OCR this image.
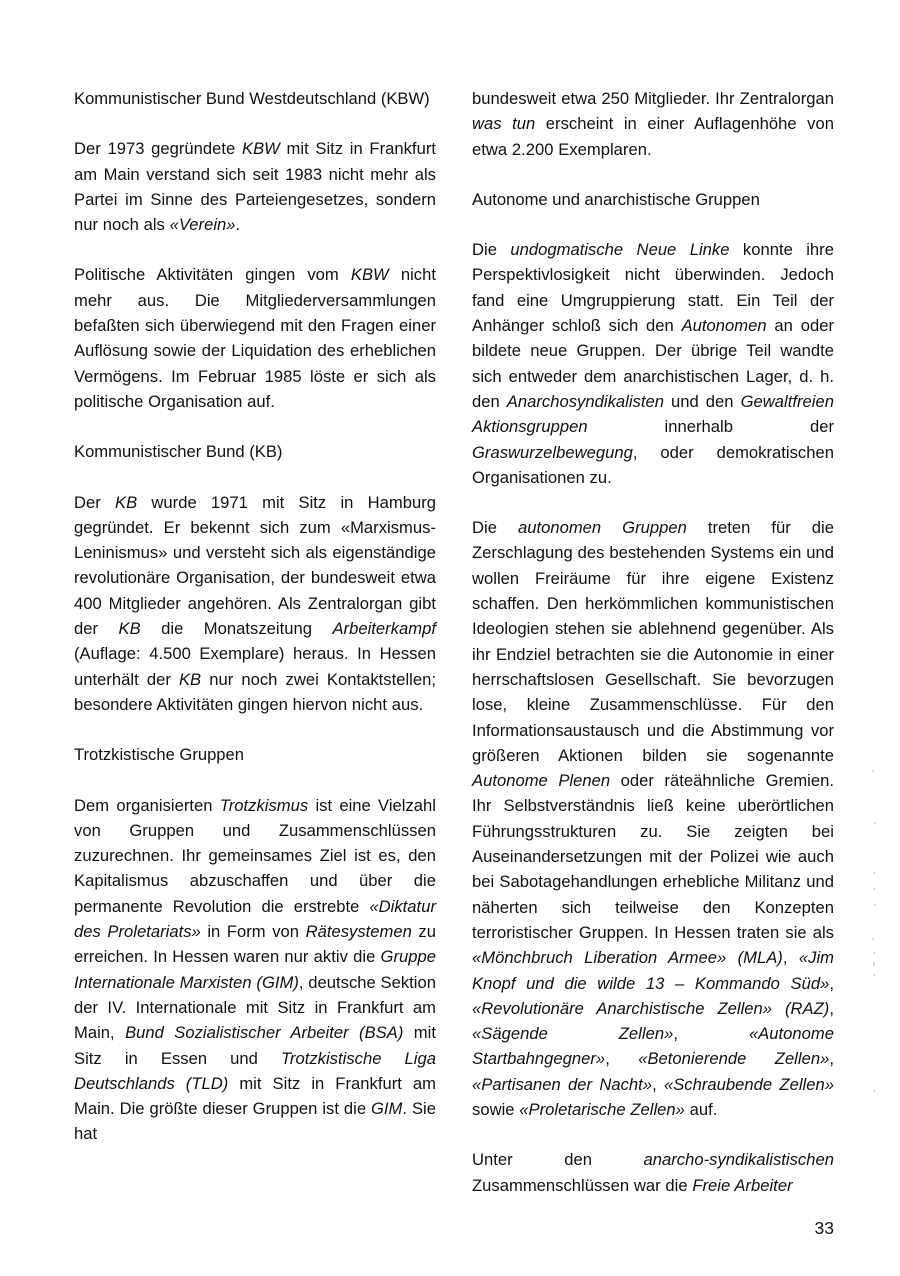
Kommunistischer Bund Westdeutschland (KBW)

Der 1973 gegründete KBW mit Sitz in Frankfurt am Main verstand sich seit 1983 nicht mehr als Partei im Sinne des Parteiengesetzes, sondern nur noch als «Verein».

Politische Aktivitäten gingen vom KBW nicht mehr aus. Die Mitgliederversammlungen befaßten sich überwiegend mit den Fragen einer Auflösung sowie der Liquidation des erheblichen Vermögens. Im Februar 1985 löste er sich als politische Organisation auf.

Kommunistischer Bund (KB)

Der KB wurde 1971 mit Sitz in Hamburg gegründet. Er bekennt sich zum «Marxismus-Leninismus» und versteht sich als eigenständige revolutionäre Organisation, der bundesweit etwa 400 Mitglieder angehören. Als Zentralorgan gibt der KB die Monatszeitung Arbeiterkampf (Auflage: 4.500 Exemplare) heraus. In Hessen unterhält der KB nur noch zwei Kontaktstellen; besondere Aktivitäten gingen hiervon nicht aus.

Trotzkistische Gruppen

Dem organisierten Trotzkismus ist eine Vielzahl von Gruppen und Zusammenschlüssen zuzurechnen. Ihr gemeinsames Ziel ist es, den Kapitalismus abzuschaffen und über die permanente Revolution die erstrebte «Diktatur des Proletariats» in Form von Rätesystemen zu erreichen. In Hessen waren nur aktiv die Gruppe Internationale Marxisten (GIM), deutsche Sektion der IV. Internationale mit Sitz in Frankfurt am Main, Bund Sozialistischer Arbeiter (BSA) mit Sitz in Essen und Trotzkistische Liga Deutschlands (TLD) mit Sitz in Frankfurt am Main. Die größte dieser Gruppen ist die GIM. Sie hat

bundesweit etwa 250 Mitglieder. Ihr Zentralorgan was tun erscheint in einer Auflagenhöhe von etwa 2.200 Exemplaren.

Autonome und anarchistische Gruppen

Die undogmatische Neue Linke konnte ihre Perspektivlosigkeit nicht überwinden. Jedoch fand eine Umgruppierung statt. Ein Teil der Anhänger schloß sich den Autonomen an oder bildete neue Gruppen. Der übrige Teil wandte sich entweder dem anarchistischen Lager, d. h. den Anarchosyndikalisten und den Gewaltfreien Aktionsgruppen innerhalb der Graswurzelbewegung, oder demokratischen Organisationen zu.

Die autonomen Gruppen treten für die Zerschlagung des bestehenden Systems ein und wollen Freiräume für ihre eigene Existenz schaffen. Den herkömmlichen kommunistischen Ideologien stehen sie ablehnend gegenüber. Als ihr Endziel betrachten sie die Autonomie in einer herrschaftslosen Gesellschaft. Sie bevorzugen lose, kleine Zusammenschlüsse. Für den Informationsaustausch und die Abstimmung vor größeren Aktionen bilden sie sogenannte Autonome Plenen oder räteähnliche Gremien. Ihr Selbstverständnis ließ keine uberörtlichen Führungsstrukturen zu. Sie zeigten bei Auseinandersetzungen mit der Polizei wie auch bei Sabotagehandlungen erhebliche Militanz und näherten sich teilweise den Konzepten terroristischer Gruppen. In Hessen traten sie als «Mönchbruch Liberation Armee» (MLA), «Jim Knopf und die wilde 13 – Kommando Süd», «Revolutionäre Anarchistische Zellen» (RAZ), «Sägende Zellen», «Autonome Startbahngegner», «Betonierende Zellen», «Partisanen der Nacht», «Schraubende Zellen» sowie «Proletarische Zellen» auf.

Unter den anarcho-syndikalistischen Zusammenschlüssen war die Freie Arbeiter

33
